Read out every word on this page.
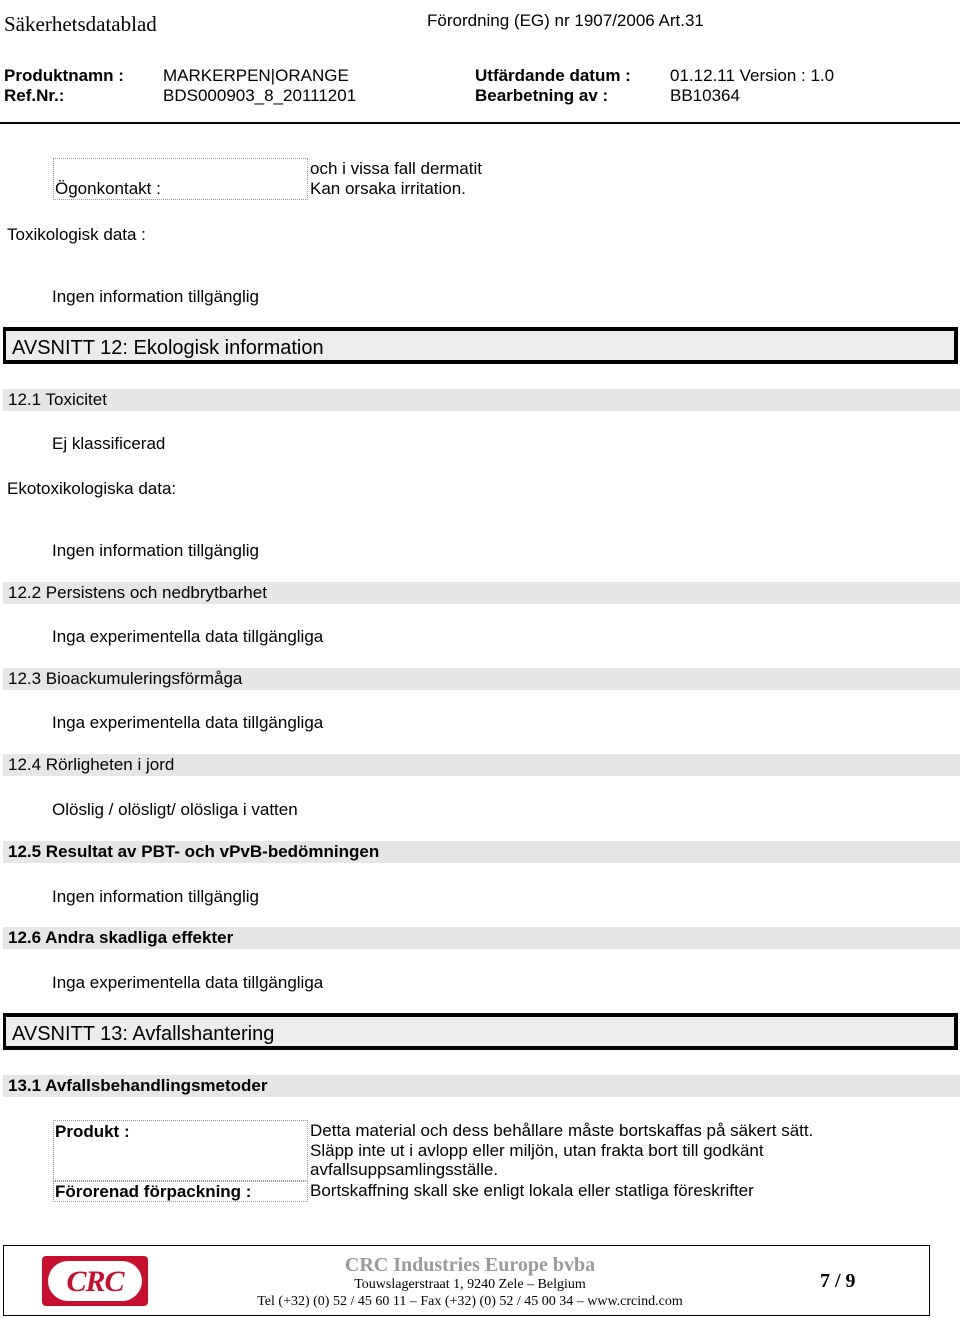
Säkerhetsdatablad	Förordning (EG) nr 1907/2006 Art.31
Produktnamn : MARKERPEN|ORANGE	Utfärdande datum : 01.12.11 Version : 1.0
Ref.Nr.:	BDS000903_8_20111201	Bearbetning av :	BB10364
Ögonkontakt :
och i vissa fall dermatit
Kan orsaka irritation.
Toxikologisk data :
Ingen information tillgänglig
AVSNITT 12: Ekologisk information
12.1 Toxicitet
Ej klassificerad
Ekotoxikologiska data:
Ingen information tillgänglig
12.2 Persistens och nedbrytbarhet
Inga experimentella data tillgängliga
12.3 Bioackumuleringsförmåga
Inga experimentella data tillgängliga
12.4 Rörligheten i jord
Olöslig / olösligt/ olösliga i vatten
12.5 Resultat av PBT- och vPvB-bedömningen
Ingen information tillgänglig
12.6 Andra skadliga effekter
Inga experimentella data tillgängliga
AVSNITT 13: Avfallshantering
13.1 Avfallsbehandlingsmetoder
Produkt :	Detta material och dess behållare måste bortskaffas på säkert sätt.
Släpp inte ut i avlopp eller miljön, utan frakta bort till godkänt
avfallsuppsamlingsställe.
Förorenad förpackning :	Bortskaffning skall ske enligt lokala eller statliga föreskrifter
CRC	CRC Industries Europe bvba
Touwslagerstraat 1, 9240 Zele – Belgium
Tel (+32) (0) 52 / 45 60 11 – Fax (+32) (0) 52 / 45 00 34 – www.crcind.com
7 / 9
